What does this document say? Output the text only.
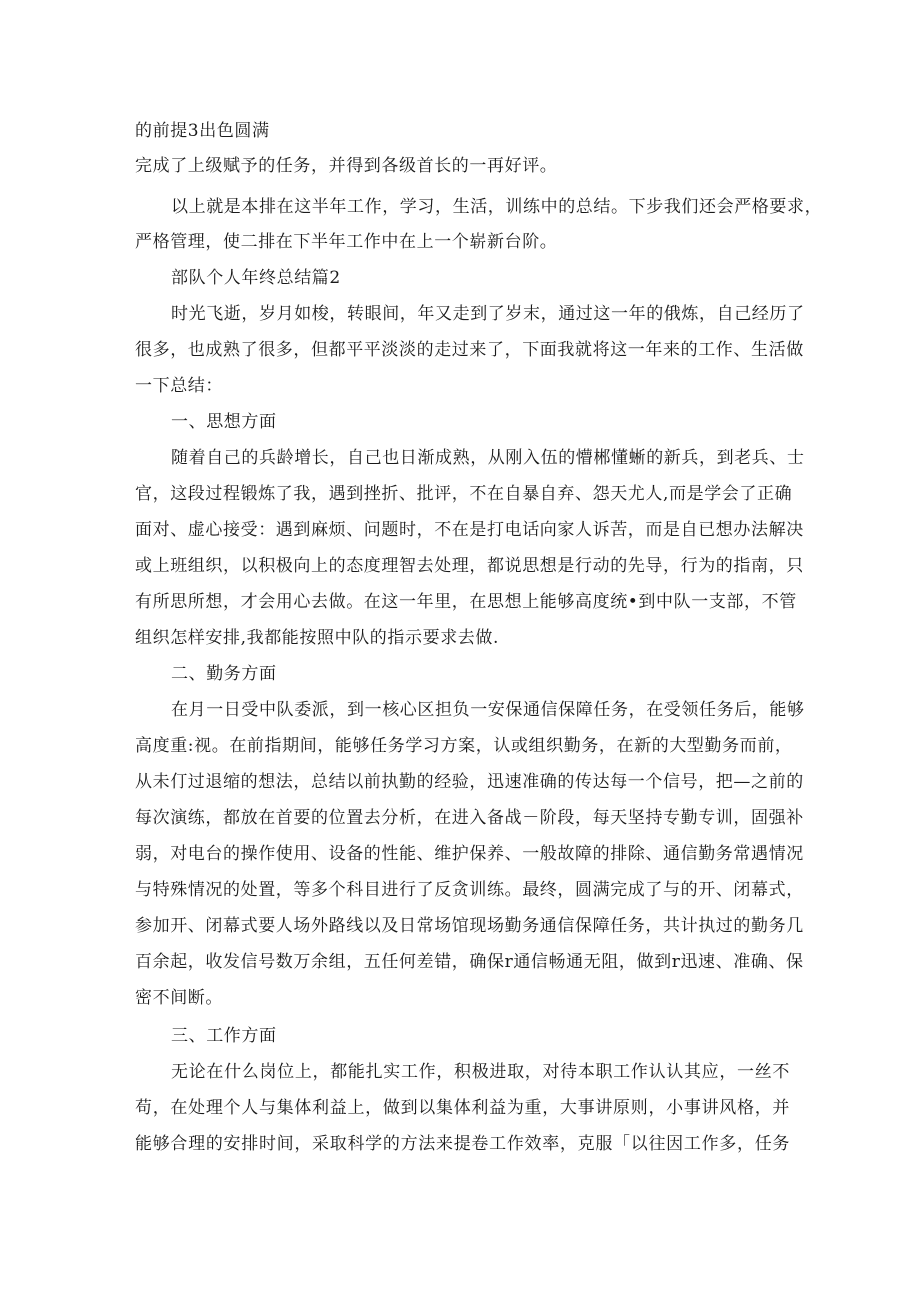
的前提3出色圆满
完成了上级赋予的任务，并得到各级首长的一再好评。
以上就是本排在这半年工作，学习，生活，训练中的总结。下步我们还会严格要求，
严格管理，使二排在下半年工作中在上一个崭新台阶。
部队个人年终总结篇2
时光飞逝，岁月如梭，转眼间，年又走到了岁末，通过这一年的俄炼，自己经历了
很多，也成熟了很多，但都平平淡淡的走过来了，下面我就将这一年来的工作、生活做
一下总结：
一、思想方面
随着自己的兵龄增长，自己也日渐成熟，从刚入伍的懵郴懂蜥的新兵，到老兵、士
官，这段过程锻炼了我，遇到挫折、批评，不在自暴自弃、怨天尤人,而是学会了正确
面对、虚心接受：遇到麻烦、问题时，不在是打电话向家人诉苦，而是自已想办法解决
或上班组织，以积极向上的态度理智去处理，都说思想是行动的先导，行为的指南，只
有所思所想，才会用心去做。在这一年里，在思想上能够高度统•到中队一支部，不管
组织怎样安排,我都能按照中队的指示要求去做.
二、勤务方面
在月一日受中队委派，到一核心区担负一安保通信保障任务，在受领任务后，能够
高度重:视。在前指期间，能够任务学习方案，认或组织勤务，在新的大型勤务而前，
从未仃过退缩的想法，总结以前执勤的经验，迅速准确的传达每一个信号，把—之前的
每次演练，都放在首要的位置去分析，在进入备战－阶段，每天坚持专勤专训，固强补
弱，对电台的操作使用、设备的性能、维护保养、一般故障的排除、通信勤务常遇情况
与特殊情况的处置，等多个科目进行了反贪训练。最终，圆满完成了与的开、闭幕式，
参加开、闭幕式要人场外路线以及日常场馆现场勤务通信保障任务，共计执过的勤务几
百余起，收发信号数万余组，五任何差错，确保r通信畅通无阻，做到r迅速、准确、保
密不间断。
三、工作方面
无论在什么岗位上，都能扎实工作，积极进取，对待本职工作认认其应，一丝不
苟，在处理个人与集体利益上，做到以集体利益为重，大事讲原则，小事讲风格，并
能够合理的安排时间，采取科学的方法来提卷工作效率，克服「以往因工作多，任务
